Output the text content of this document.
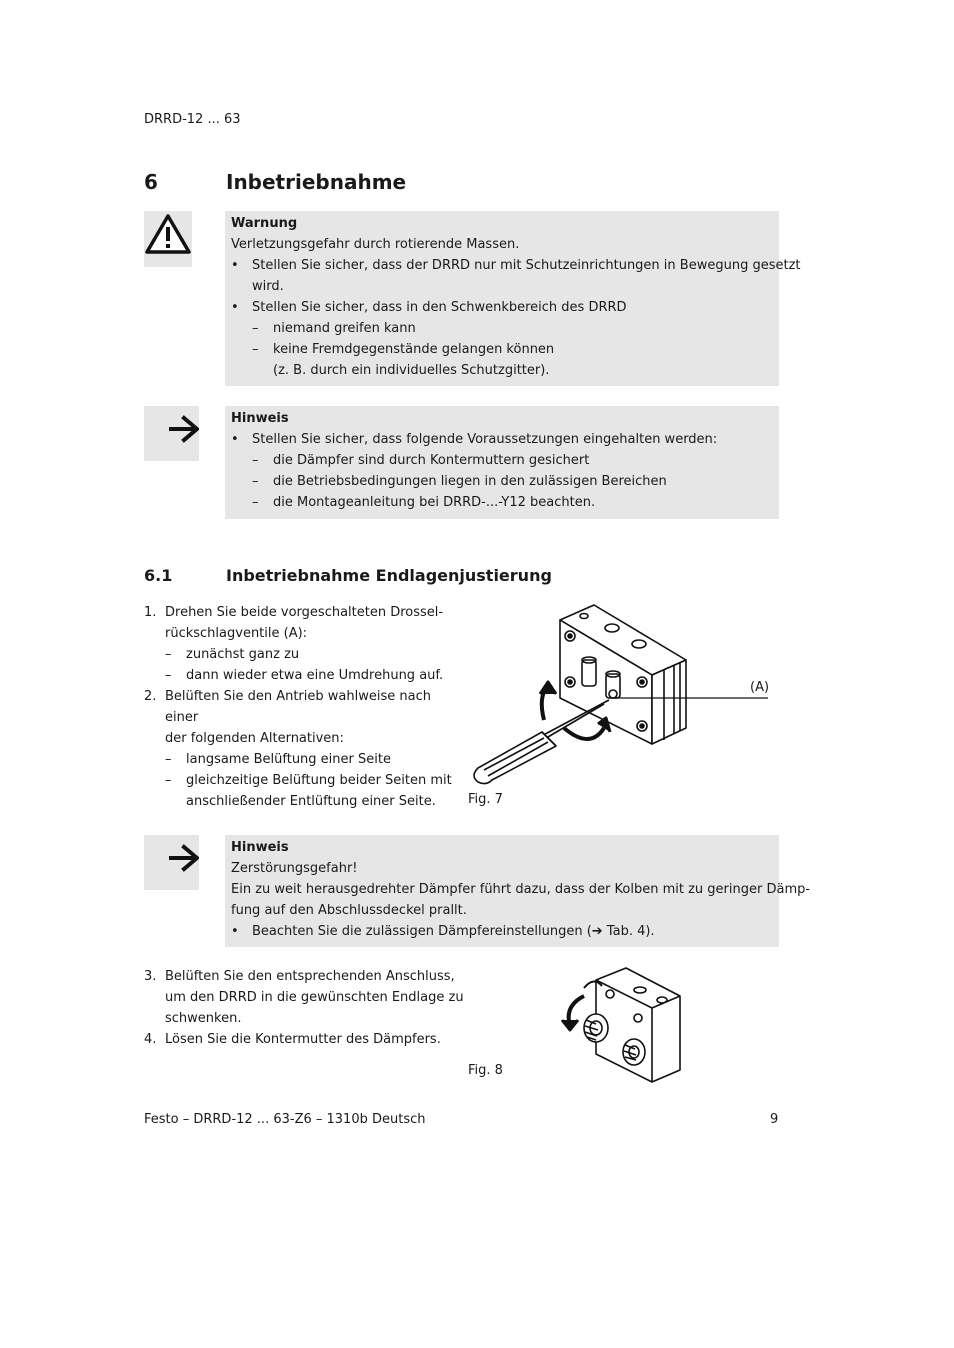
DRRD-12 ... 63
6	Inbetriebnahme
Warnung
Verletzungsgefahr durch rotierende Massen.
• Stellen Sie sicher, dass der DRRD nur mit Schutzeinrichtungen in Bewegung gesetzt
wird.
• Stellen Sie sicher, dass in den Schwenkbereich des DRRD
– niemand greifen kann
– keine Fremdgegenstände gelangen können
(z. B. durch ein individuelles Schutzgitter).
Hinweis
• Stellen Sie sicher, dass folgende Voraussetzungen eingehalten werden:
– die Dämpfer sind durch Kontermuttern gesichert
– die Betriebsbedingungen liegen in den zulässigen Bereichen
– die Montageanleitung bei DRRD-...-Y12 beachten.
6.1	Inbetriebnahme Endlagenjustierung
1. Drehen Sie beide vorgeschalteten Drossel-
rückschlagventile (A):
– zunächst ganz zu
– dann wieder etwa eine Umdrehung auf.
2. Belüften Sie den Antrieb wahlweise nach einer
der folgenden Alternativen:
– langsame Belüftung einer Seite
– gleichzeitige Belüftung beider Seiten mit
anschließender Entlüftung einer Seite.
(A)
Fig. 7
Hinweis
Zerstörungsgefahr!
Ein zu weit herausgedrehter Dämpfer führt dazu, dass der Kolben mit zu geringer Dämp-
fung auf den Abschlussdeckel prallt.
• Beachten Sie die zulässigen Dämpfereinstellungen (➔ Tab. 4).
3. Belüften Sie den entsprechenden Anschluss,
um den DRRD in die gewünschten Endlage zu
schwenken.
4. Lösen Sie die Kontermutter des Dämpfers.
Fig. 8
Festo – DRRD-12 ... 63-Z6 – 1310b Deutsch	9
